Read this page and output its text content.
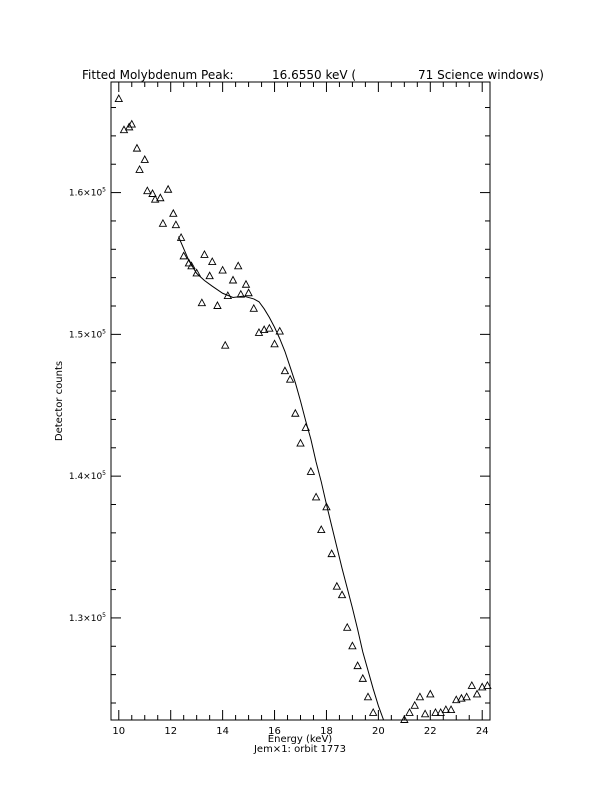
Fitted Molybdenum Peak:	16.6550 keV (	71 Science windows)
10	12	14	16	18	20	22	24
$1.3\times 10^5$
$1.4\times 10^5$
$1.5\times 10^5$
$1.6\times 10^5$
Energy (keV)
Jem×1: orbit 1773
Detector counts
